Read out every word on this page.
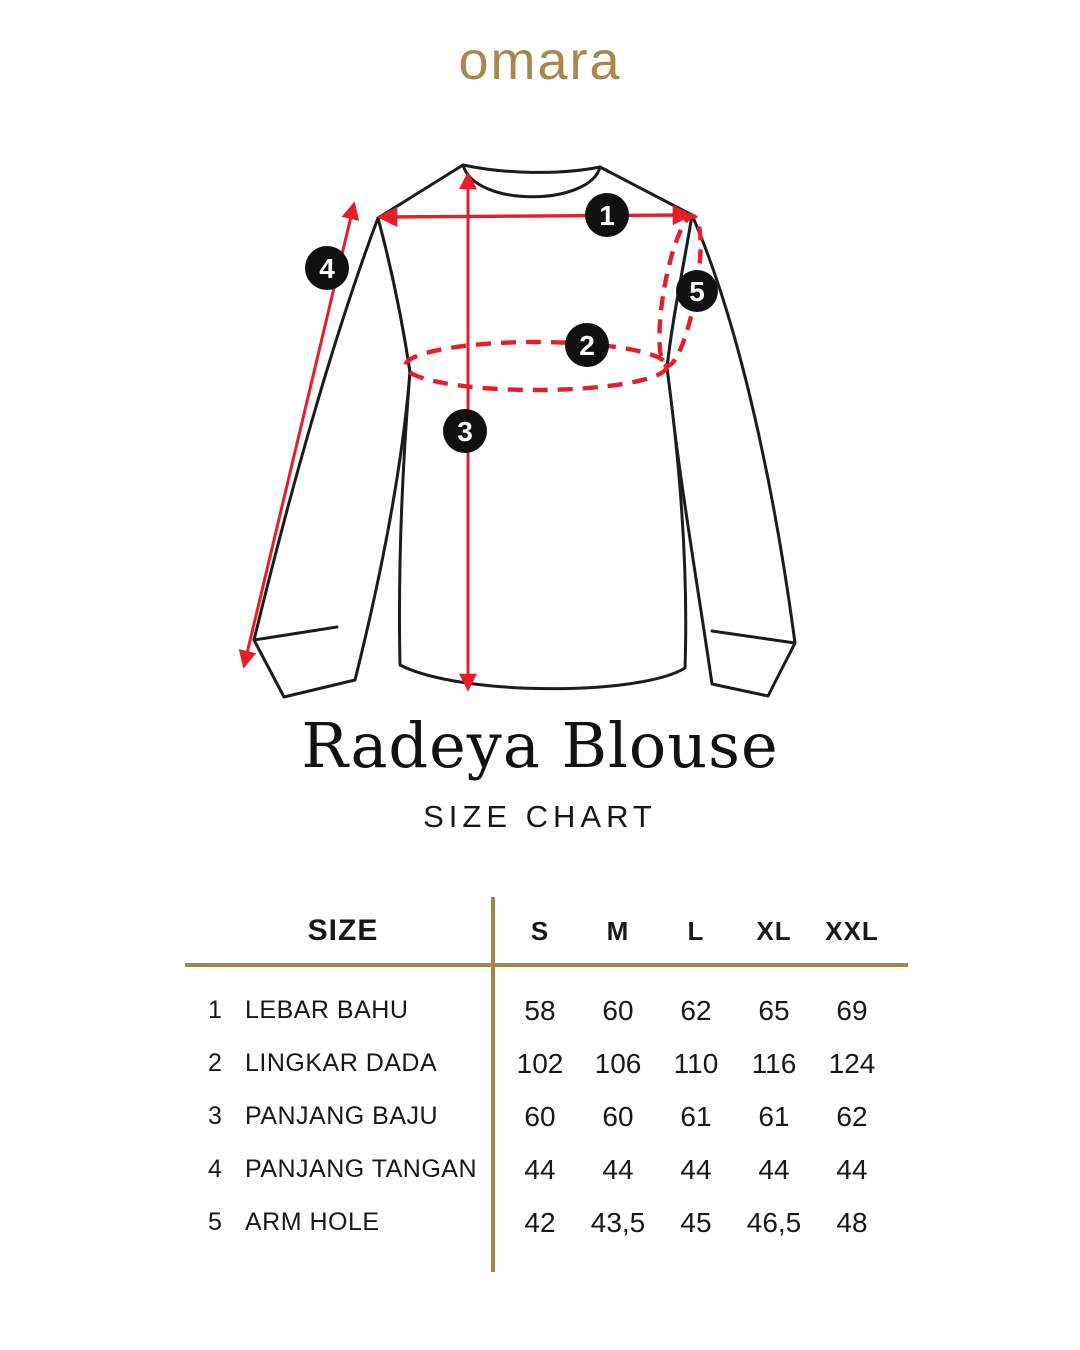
omara
1
2
3
4
5
Radeya Blouse
SIZE CHART
SIZE	S	M	L	XL	XXL
1 LEBAR BAHU	58	60	62	65	69
2 LINGKAR DADA	102	106	110	116	124
3 PANJANG BAJU	60	60	61	61	62
4 PANJANG TANGAN	44	44	44	44	44
5 ARM HOLE	42	43,5	45	46,5	48
